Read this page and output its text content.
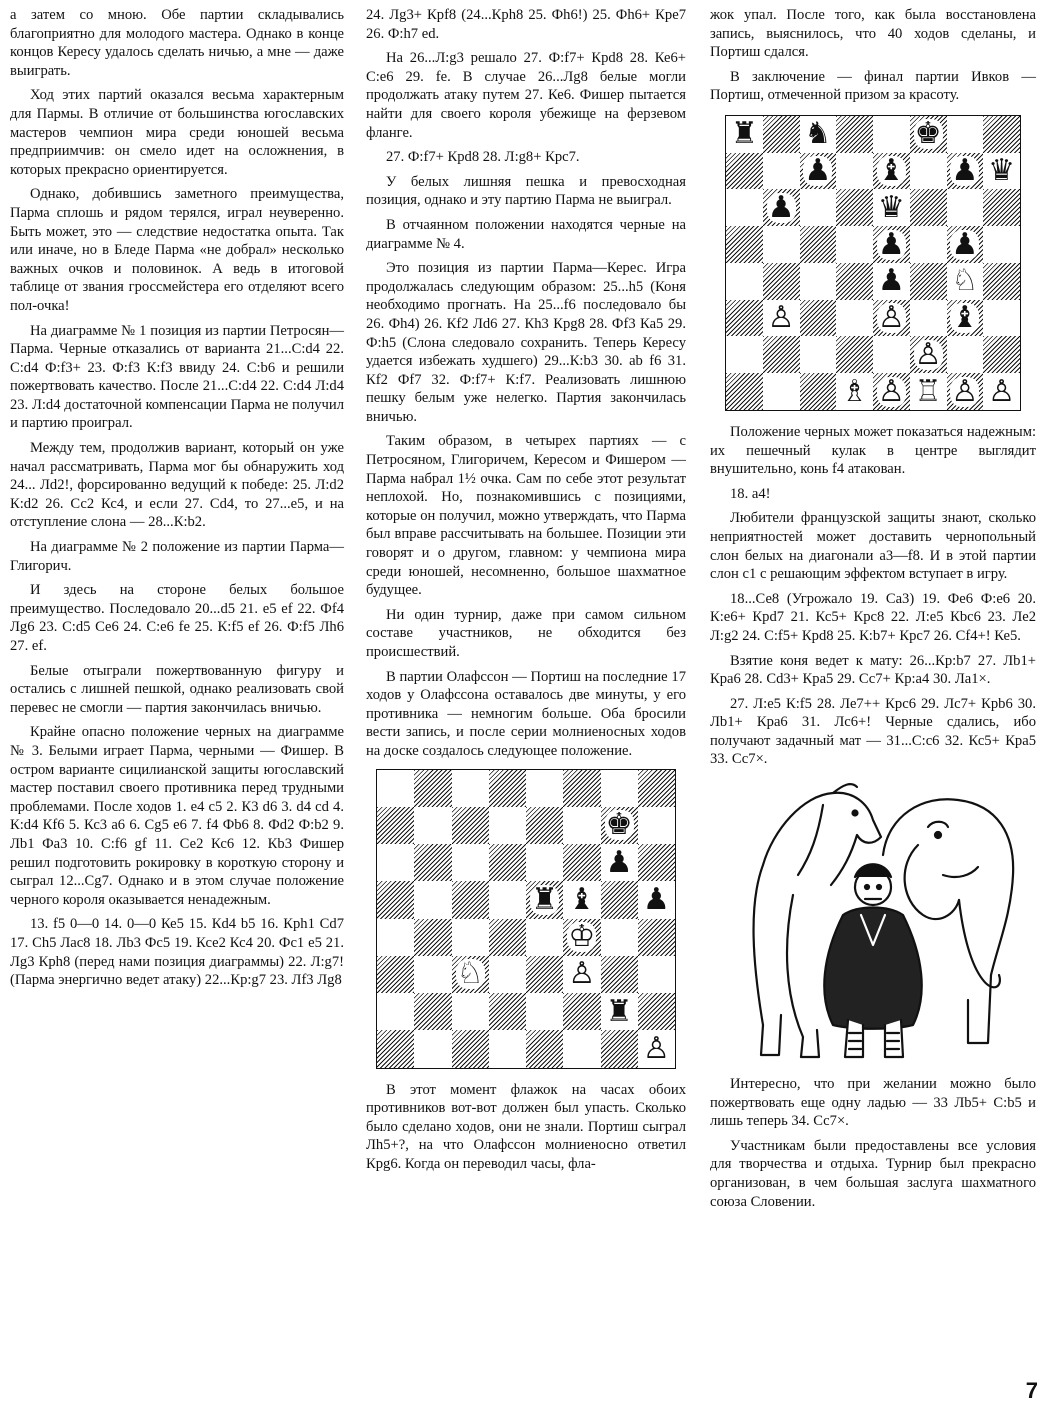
а затем со мною. Обе партии складывались благоприятно для молодого мастера. Однако в конце концов Кересу удалось сделать ничью, а мне — даже выиграть.

Ход этих партий оказался весьма характерным для Пармы. В отличие от большинства югославских мастеров чемпион мира среди юношей весьма предприимчив: он смело идет на осложнения, в которых прекрасно ориентируется.

Однако, добившись заметного преимущества, Парма сплошь и рядом терялся, играл неуверенно. Быть может, это — следствие недостатка опыта. Так или иначе, но в Бледе Парма «не добрал» несколько важных очков и половинок. А ведь в итоговой таблице от звания гроссмейстера его отделяют всего пол-очка!

На диаграмме № 1 позиция из партии Петросян—Парма. Черные отказались от варианта 21...С:d4 22. С:d4 Ф:f3+ 23. Ф:f3 К:f3 ввиду 24. С:b6 и решили пожертвовать качество. После 21...С:d4 22. С:d4 Л:d4 23. Л:d4 достаточной компенсации Парма не получил и партию проиграл.

Между тем, продолжив вариант, который он уже начал рассматривать, Парма мог бы обнаружить ход 24... Лd2!, форсированно ведущий к победе: 25. Л:d2 К:d2 26. Сс2 Кс4, и если 27. Сd4, то 27...е5, и на отступление слона — 28...К:b2.

На диаграмме № 2 положение из партии Парма—Глигорич.

И здесь на стороне белых большое преимущество. Последовало 20...d5 21. е5 еf 22. Фf4 Лg6 23. С:d5 Се6 24. С:е6 fе 25. К:f5 еf 26. Ф:f5 Лh6 27. еf.

Белые отыграли пожертвованную фигуру и остались с лишней пешкой, однако реализовать свой перевес не смогли — партия закончилась вничью.

Крайне опасно положение черных на диаграмме № 3. Белыми играет Парма, черными — Фишер. В остром варианте сицилианской защиты югославский мастер поставил своего противника перед трудными проблемами. После ходов 1. е4 с5 2. К3 d6 3. d4 cd 4. К:d4 Кf6 5. Кс3 а6 6. Сg5 е6 7. f4 Фb6 8. Фd2 Ф:b2 9. Лb1 Фа3 10. С:f6 gf 11. Се2 Кс6 12. Кb3 Фишер решил подготовить рокировку в короткую сторону и сыграл 12...Сg7. Однако и в этом случае положение черного короля оказывается ненадежным.

13. f5 0—0 14. 0—0 Ке5 15. Кd4 b5 16. Крh1 Сd7 17. Сh5 Лас8 18. Лb3 Фс5 19. Ксе2 Кс4 20. Фс1 е5 21. Лg3 Крh8 (перед нами позиция диаграммы) 22. Л:g7! (Парма энергично ведет атаку) 22...Кр:g7 23. Лf3 Лg8

24. Лg3+ Крf8 (24...Крh8 25. Фh6!) 25. Фh6+ Кре7 26. Ф:h7 еd.

На 26...Л:g3 решало 27. Ф:f7+ Крd8 28. Ке6+ С:е6 29. fе. В случае 26...Лg8 белые могли продолжать атаку путем 27. Ке6. Фишер пытается найти для своего короля убежище на ферзевом фланге.

27. Ф:f7+ Крd8 28. Л:g8+ Крс7.

У белых лишняя пешка и превосходная позиция, однако и эту партию Парма не выиграл.

В отчаянном положении находятся черные на диаграмме № 4.

Это позиция из партии Парма—Керес. Игра продолжалась следующим образом: 25...h5 (Коня необходимо прогнать. На 25...f6 последовало бы 26. Фh4) 26. Кf2 Лd6 27. Кh3 Крg8 28. Фf3 Ка5 29. Ф:h5 (Слона следовало сохранить. Теперь Кересу удается избежать худшего) 29...К:b3 30. аb f6 31. Кf2 Фf7 32. Ф:f7+ К:f7. Реализовать лишнюю пешку белым уже нелегко. Партия закончилась вничью.

Таким образом, в четырех партиях — с Петросяном, Глигоричем, Кересом и Фишером — Парма набрал 1½ очка. Сам по себе этот результат неплохой. Но, познакомившись с позициями, которые он получил, можно утверждать, что Парма был вправе рассчитывать на большее. Позиции эти говорят и о другом, главном: у чемпиона мира среди юношей, несомненно, большое шахматное будущее.

Ни один турнир, даже при самом сильном составе участников, не обходится без происшествий.

В партии Олафссон — Портиш на последние 17 ходов у Олафссона оставалось две минуты, у его противника — немногим больше. Оба бросили вести запись, и после серии молниеносных ходов на доске создалось следующее положение.

♚
♟
♜ ♝ ♟
♔
♘	♙
♜
♙

В этот момент флажок на часах обоих противников вот-вот должен был упасть. Сколько было сделано ходов, они не знали. Портиш сыграл Лh5+?, на что Олафссон молниеносно ответил Крg6. Когда он переводил часы, фла-

жок упал. После того, как была восстановлена запись, выяснилось, что 40 ходов сделаны, и Портиш сдался.

В заключение — финал партии Ивков — Портиш, отмеченной призом за красоту.

♜ ♞	♚
♟ ♝ ♟ ♛
♟	♛
♟ ♟
♟ ♘
♙	♙ ♝
♙
♗ ♙ ♖ ♙ ♙

Положение черных может показаться надежным: их пешечный кулак в центре выглядит внушительно, конь f4 атакован.

18. а4!

Любители французской защиты знают, сколько неприятностей может доставить чернопольный слон белых на диагонали а3—f8. И в этой партии слон с1 с решающим эффектом вступает в игру.

18...Се8 (Угрожало 19. Са3) 19. Фе6 Ф:е6 20. К:е6+ Крd7 21. Кс5+ Крс8 22. Л:е5 Кbс6 23. Ле2 Л:g2 24. С:f5+ Крd8 25. К:b7+ Крс7 26. Сf4+! Ке5.

Взятие коня ведет к мату: 26...Кр:b7 27. Лb1+ Кра6 28. Сd3+ Кра5 29. Сс7+ Кр:а4 30. Ла1×.

27. Л:е5 К:f5 28. Ле7++ Крс6 29. Лс7+ Крb6 30. Лb1+ Кра6 31. Лс6+! Черные сдались, ибо получают задачный мат — 31...С:с6 32. Кс5+ Кра5 33. Сс7×.

Интересно, что при желании можно было пожертвовать еще одну ладью — 33 Лb5+ С:b5 и лишь теперь 34. Сс7×.

Участникам были предоставлены все условия для творчества и отдыха. Турнир был прекрасно организован, в чем большая заслуга шахматного союза Словении.

7
